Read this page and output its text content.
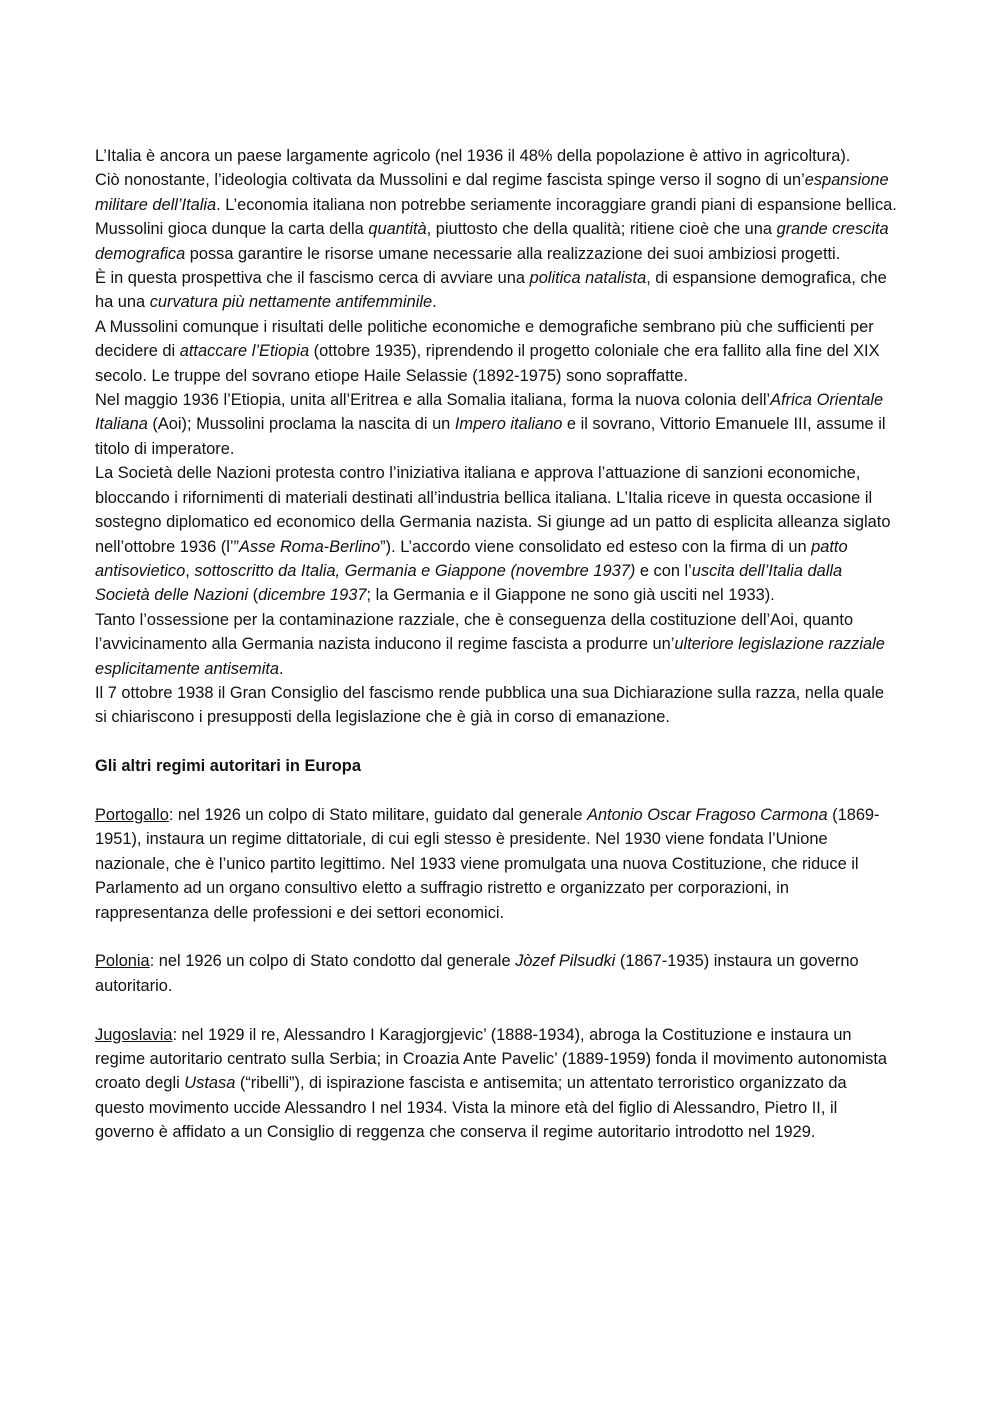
L’Italia è ancora un paese largamente agricolo (nel 1936 il 48% della popolazione è attivo in agricoltura).

Ciò nonostante, l’ideologia coltivata da Mussolini e dal regime fascista spinge verso il sogno di un’espansione militare dell’Italia. L’economia italiana non potrebbe seriamente incoraggiare grandi piani di espansione bellica. Mussolini gioca dunque la carta della quantità, piuttosto che della qualità; ritiene cioè che una grande crescita demografica possa garantire le risorse umane necessarie alla realizzazione dei suoi ambiziosi progetti.

È in questa prospettiva che il fascismo cerca di avviare una politica natalista, di espansione demografica, che ha una curvatura più nettamente antifemminile.

A Mussolini comunque i risultati delle politiche economiche e demografiche sembrano più che sufficienti per decidere di attaccare l’Etiopia (ottobre 1935), riprendendo il progetto coloniale che era fallito alla fine del XIX secolo. Le truppe del sovrano etiope Haile Selassie (1892-1975) sono sopraffatte.

Nel maggio 1936 l’Etiopia, unita all’Eritrea e alla Somalia italiana, forma la nuova colonia dell’Africa Orientale Italiana (Aoi); Mussolini proclama la nascita di un Impero italiano e il sovrano, Vittorio Emanuele III, assume il titolo di imperatore.

La Società delle Nazioni protesta contro l’iniziativa italiana e approva l’attuazione di sanzioni economiche, bloccando i rifornimenti di materiali destinati all’industria bellica italiana. L’Italia riceve in questa occasione il sostegno diplomatico ed economico della Germania nazista. Si giunge ad un patto di esplicita alleanza siglato nell’ottobre 1936 (l’”Asse Roma-Berlino”). L’accordo viene consolidato ed esteso con la firma di un patto antisovietico, sottoscritto da Italia, Germania e Giappone (novembre 1937) e con l’uscita dell’Italia dalla Società delle Nazioni (dicembre 1937; la Germania e il Giappone ne sono già usciti nel 1933).

Tanto l’ossessione per la contaminazione razziale, che è conseguenza della costituzione dell’Aoi, quanto l’avvicinamento alla Germania nazista inducono il regime fascista a produrre un’ulteriore legislazione razziale esplicitamente antisemita.

Il 7 ottobre 1938 il Gran Consiglio del fascismo rende pubblica una sua Dichiarazione sulla razza, nella quale si chiariscono i presupposti della legislazione che è già in corso di emanazione.

Gli altri regimi autoritari in Europa

Portogallo: nel 1926 un colpo di Stato militare, guidato dal generale Antonio Oscar Fragoso Carmona (1869-1951), instaura un regime dittatoriale, di cui egli stesso è presidente. Nel 1930 viene fondata l’Unione nazionale, che è l’unico partito legittimo. Nel 1933 viene promulgata una nuova Costituzione, che riduce il Parlamento ad un organo consultivo eletto a suffragio ristretto e organizzato per corporazioni, in rappresentanza delle professioni e dei settori economici.

Polonia: nel 1926 un colpo di Stato condotto dal generale Jòzef Pilsudki (1867-1935) instaura un governo autoritario.

Jugoslavia: nel 1929 il re, Alessandro I Karagjorgjevic’ (1888-1934), abroga la Costituzione e instaura un regime autoritario centrato sulla Serbia; in Croazia Ante Pavelic’ (1889-1959) fonda il movimento autonomista croato degli Ustasa (“ribelli”), di ispirazione fascista e antisemita; un attentato terroristico organizzato da questo movimento uccide Alessandro I nel 1934. Vista la minore età del figlio di Alessandro, Pietro II, il governo è affidato a un Consiglio di reggenza che conserva il regime autoritario introdotto nel 1929.
